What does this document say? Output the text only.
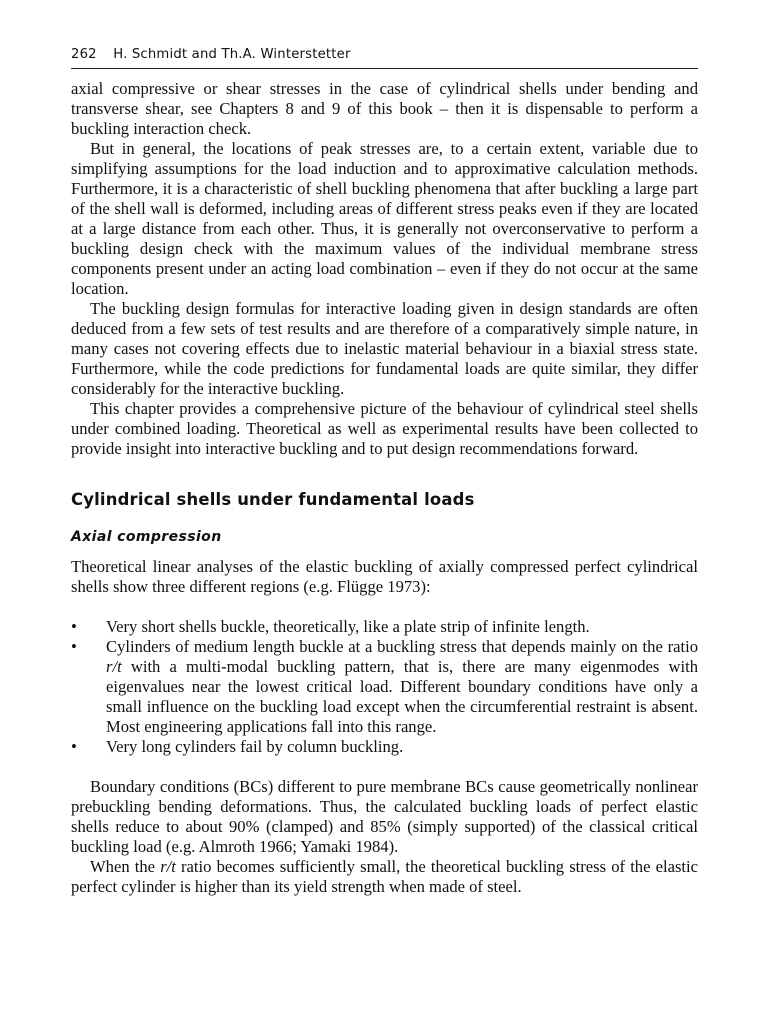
262 H. Schmidt and Th.A. Winterstetter

axial compressive or shear stresses in the case of cylindrical shells under bending and transverse shear, see Chapters 8 and 9 of this book – then it is dispensable to perform a buckling interaction check.

But in general, the locations of peak stresses are, to a certain extent, variable due to simplifying assumptions for the load induction and to approximative calculation methods. Furthermore, it is a characteristic of shell buckling phenomena that after buckling a large part of the shell wall is deformed, including areas of different stress peaks even if they are located at a large distance from each other. Thus, it is generally not overconservative to perform a buckling design check with the maximum values of the individual membrane stress components present under an acting load combination – even if they do not occur at the same location.

The buckling design formulas for interactive loading given in design standards are often deduced from a few sets of test results and are therefore of a comparatively simple nature, in many cases not covering effects due to inelastic material behaviour in a biaxial stress state. Furthermore, while the code predictions for fundamental loads are quite similar, they differ considerably for the interactive buckling.

This chapter provides a comprehensive picture of the behaviour of cylindrical steel shells under combined loading. Theoretical as well as experimental results have been collected to provide insight into interactive buckling and to put design recommendations forward.

Cylindrical shells under fundamental loads
Axial compression

Theoretical linear analyses of the elastic buckling of axially compressed perfect cylindrical shells show three different regions (e.g. Flügge 1973):

•	Very short shells buckle, theoretically, like a plate strip of infinite length.
•	Cylinders of medium length buckle at a buckling stress that depends mainly on the ratio r/t with a multi-modal buckling pattern, that is, there are many eigenmodes with eigenvalues near the lowest critical load. Different boundary conditions have only a small influence on the buckling load except when the circumferential restraint is absent. Most engineering applications fall into this range.
•	Very long cylinders fail by column buckling.

Boundary conditions (BCs) different to pure membrane BCs cause geometrically nonlinear prebuckling bending deformations. Thus, the calculated buckling loads of perfect elastic shells reduce to about 90% (clamped) and 85% (simply supported) of the classical critical buckling load (e.g. Almroth 1966; Yamaki 1984).

When the r/t ratio becomes sufficiently small, the theoretical buckling stress of the elastic perfect cylinder is higher than its yield strength when made of steel.
